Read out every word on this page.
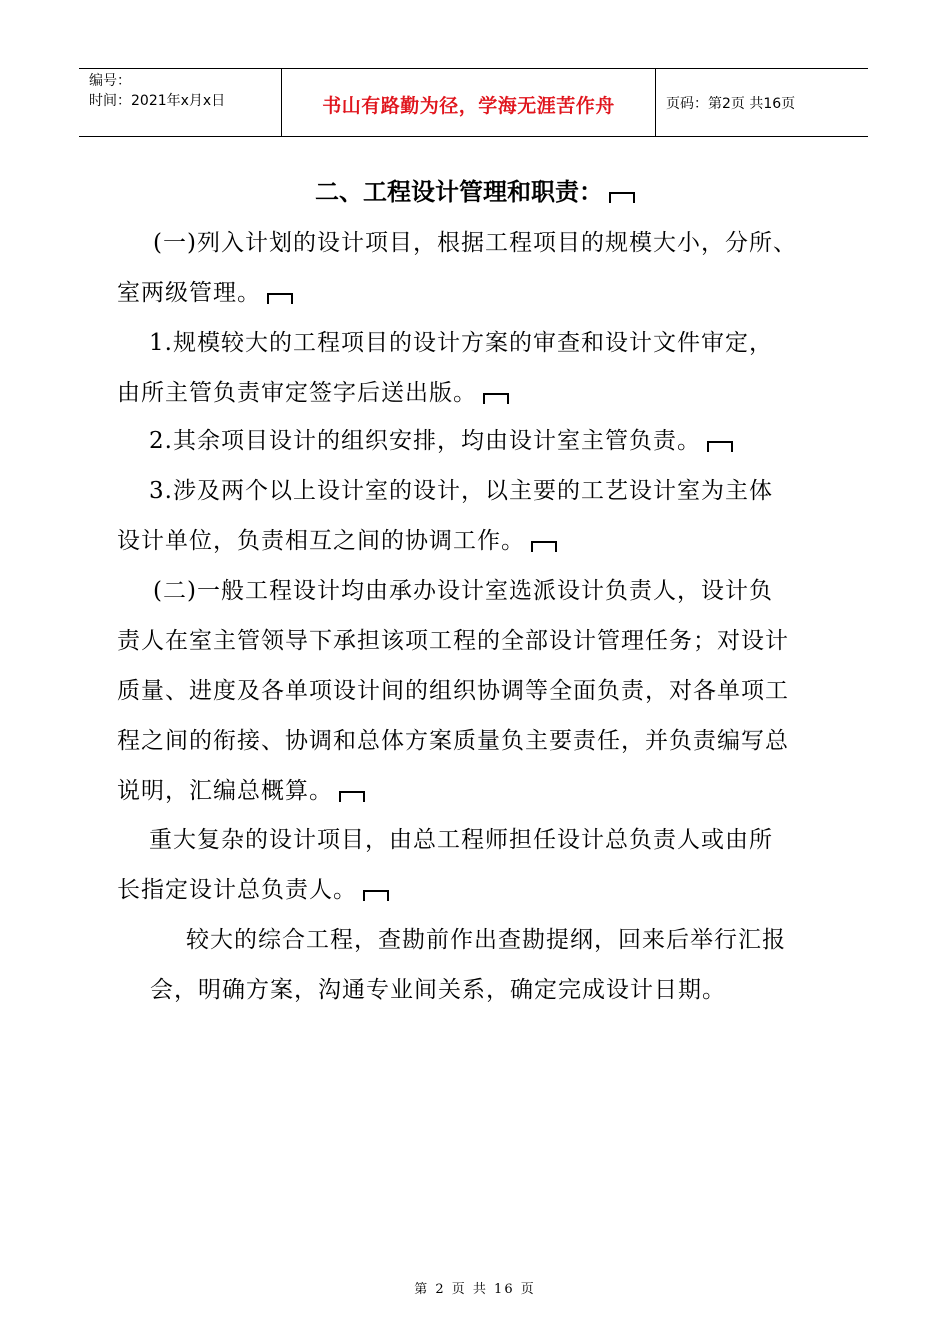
编号：
时间：2021年x月x日	书山有路勤为径，学海无涯苦作舟	页码：第2页 共16页
二、工程设计管理和职责：
(一)列入计划的设计项目，根据工程项目的规模大小，分所、
室两级管理。
1.规模较大的工程项目的设计方案的审查和设计文件审定，
由所主管负责审定签字后送出版。
2.其余项目设计的组织安排，均由设计室主管负责。
3.涉及两个以上设计室的设计，以主要的工艺设计室为主体
设计单位，负责相互之间的协调工作。
(二)一般工程设计均由承办设计室选派设计负责人，设计负
责人在室主管领导下承担该项工程的全部设计管理任务；对设计
质量、进度及各单项设计间的组织协调等全面负责，对各单项工
程之间的衔接、协调和总体方案质量负主要责任，并负责编写总
说明，汇编总概算。
重大复杂的设计项目，由总工程师担任设计总负责人或由所
长指定设计总负责人。
较大的综合工程，查勘前作出查勘提纲，回来后举行汇报
会，明确方案，沟通专业间关系，确定完成设计日期。
第 2 页 共 16 页
